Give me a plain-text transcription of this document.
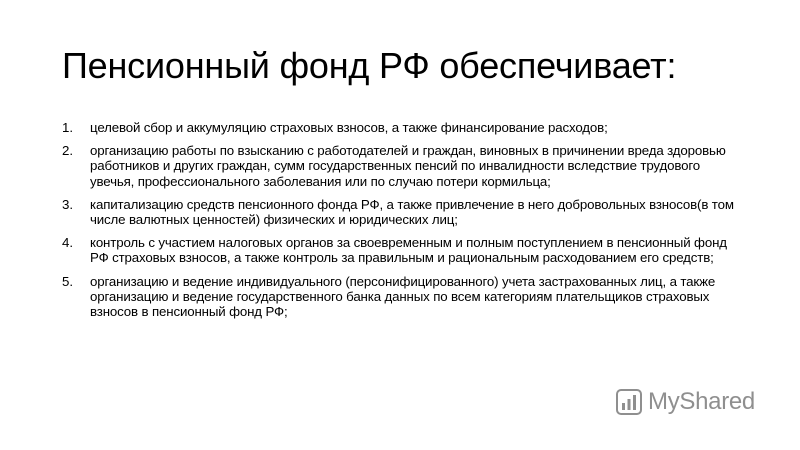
Пенсионный фонд РФ обеспечивает:
1.	целевой сбор и аккумуляцию страховых взносов, а также финансирование расходов;
2.	организацию работы по взысканию с работодателей и граждан, виновных в причинении вреда здоровью работников и других граждан, сумм государственных пенсий по инвалидности вследствие трудового увечья, профессионального заболевания или по случаю потери кормильца;
3.	капитализацию средств пенсионного фонда РФ, а также привлечение в него добровольных взносов(в том числе валютных ценностей) физических и юридических лиц;
4.	контроль с участием налоговых органов за своевременным и полным поступлением в пенсионный фонд РФ страховых взносов, а также контроль за правильным и рациональным расходованием его средств;
5.	организацию и ведение индивидуального (персонифицированного) учета застрахованных лиц, а также организацию и ведение государственного банка данных по всем категориям плательщиков страховых взносов в пенсионный фонд РФ;
MyShared
